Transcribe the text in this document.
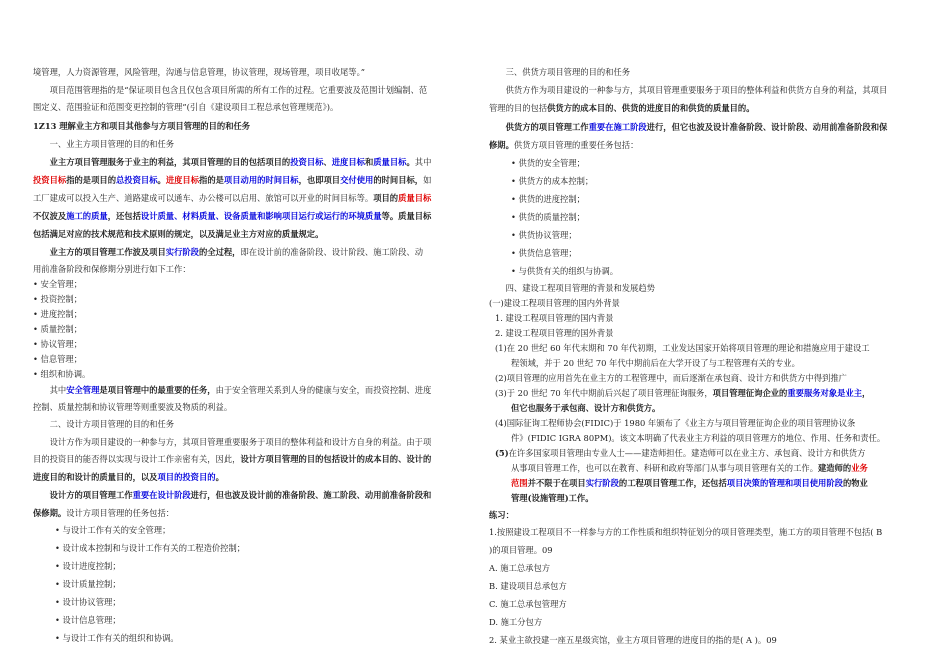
境管理，人力资源管理，风险管理，沟通与信息管理，协议管理，现场管理，项目收尾等。”

项目范围管理指的是“保证项目包含且仅包含项目所需的所有工作的过程。它重要波及范围计划编制、范

围定义、范围验证和范围变更控制的管理”(引自《建设项目工程总承包管理规范》)。

1Z13 理解业主方和项目其他参与方项目管理的目的和任务

一、业主方项目管理的目的和任务

业主方项目管理服务于业主的利益，其项目管理的目的包括项目的投资目标、进度目标和质量目标。其中

投资目标指的是项目的总投资目标。进度目标指的是项目动用的时间目标，也即项目交付使用的时间目标，如

工厂建成可以投入生产、道路建成可以通车、办公楼可以启用、旅馆可以开业的时间目标等。项目的质量目标

不仅波及施工的质量，还包括设计质量、材料质量、设备质量和影响项目运行或运行的环境质量等。质量目标

包括满足对应的技术规范和技术原则的规定，以及满足业主方对应的质量规定。

业主方的项目管理工作波及项目实行阶段的全过程，即在设计前的准备阶段、设计阶段、施工阶段、动

用前准备阶段和保修期分别进行如下工作：

• 安全管理；

• 投资控制；

• 进度控制；

• 质量控制；

• 协议管理；

• 信息管理；

• 组织和协调。

其中安全管理是项目管理中的最重要的任务，由于安全管理关系到人身的健康与安全，而投资控制、进度

控制、质量控制和协议管理等则重要波及物质的利益。

二、设计方项目管理的目的和任务

设计方作为项目建设的一种参与方，其项目管理重要服务于项目的整体利益和设计方自身的利益。由于项

目的投资目的能否得以实现与设计工作亲密有关，因此，设计方项目管理的目的包括设计的成本目的、设计的

进度目的和设计的质量目的，以及项目的投资目的。

设计方的项目管理工作重要在设计阶段进行，但也波及设计前的准备阶段、施工阶段、动用前准备阶段和

保修期。设计方项目管理的任务包括：

• 与设计工作有关的安全管理；

• 设计成本控制和与设计工作有关的工程造价控制；

• 设计进度控制；

• 设计质量控制；

• 设计协议管理；

• 设计信息管理；

• 与设计工作有关的组织和协调。

三、供货方项目管理的目的和任务

供货方作为项目建设的一种参与方，其项目管理重要服务于项目的整体利益和供货方自身的利益，其项目

管理的目的包括供货方的成本目的、供货的进度目的和供货的质量目的。

供货方的项目管理工作重要在施工阶段进行，但它也波及设计准备阶段、设计阶段、动用前准备阶段和保

修期。供货方项目管理的重要任务包括：

• 供货的安全管理；

• 供货方的成本控制；

• 供货的进度控制；

• 供货的质量控制；

• 供货协议管理；

• 供货信息管理；

• 与供货有关的组织与协调。

四、建设工程项目管理的背景和发展趋势

(一)建设工程项目管理的国内外背景

1. 建设工程项目管理的国内背景

2. 建设工程项目管理的国外背景

(1)在 20 世纪 60 年代末期和 70 年代初期，工业发达国家开始将项目管理的理论和措施应用于建设工

程领域，并于 20 世纪 70 年代中期前后在大学开设了与工程管理有关的专业。

(2)项目管理的应用首先在业主方的工程管理中，而后逐渐在承包商、设计方和供货方中得到推广

(3)于 20 世纪 70 年代中期前后兴起了项目管理征询服务，项目管理征询企业的重要服务对象是业主，

但它也服务于承包商、设计方和供货方。

(4)国际征询工程师协会(FIDIC)于 1980 年颁布了《业主方与项目管理征询企业的项目管理协议条

件》(FIDIC IGRA 80PM)。该文本明确了代表业主方利益的项目管理方的地位、作用、任务和责任。

(5)在许多国家项目管理由专业人士——建造师担任。建造师可以在业主方、承包商、设计方和供货方

从事项目管理工作，也可以在教育、科研和政府等部门从事与项目管理有关的工作。建造师的业务

范围并不限于在项目实行阶段的工程项目管理工作，还包括项目决策的管理和项目使用阶段的物业

管理(设施管理)工作。

练习：

1.按照建设工程项目不一样参与方的工作性质和组织特征划分的项目管理类型，施工方的项目管理不包括( B

)的项目管理。09

A. 施工总承包方

B. 建设项目总承包方

C. 施工总承包管理方

D. 施工分包方

2. 某业主欲投建一座五星级宾馆，业主方项目管理的进度目的指的是( A )。09
